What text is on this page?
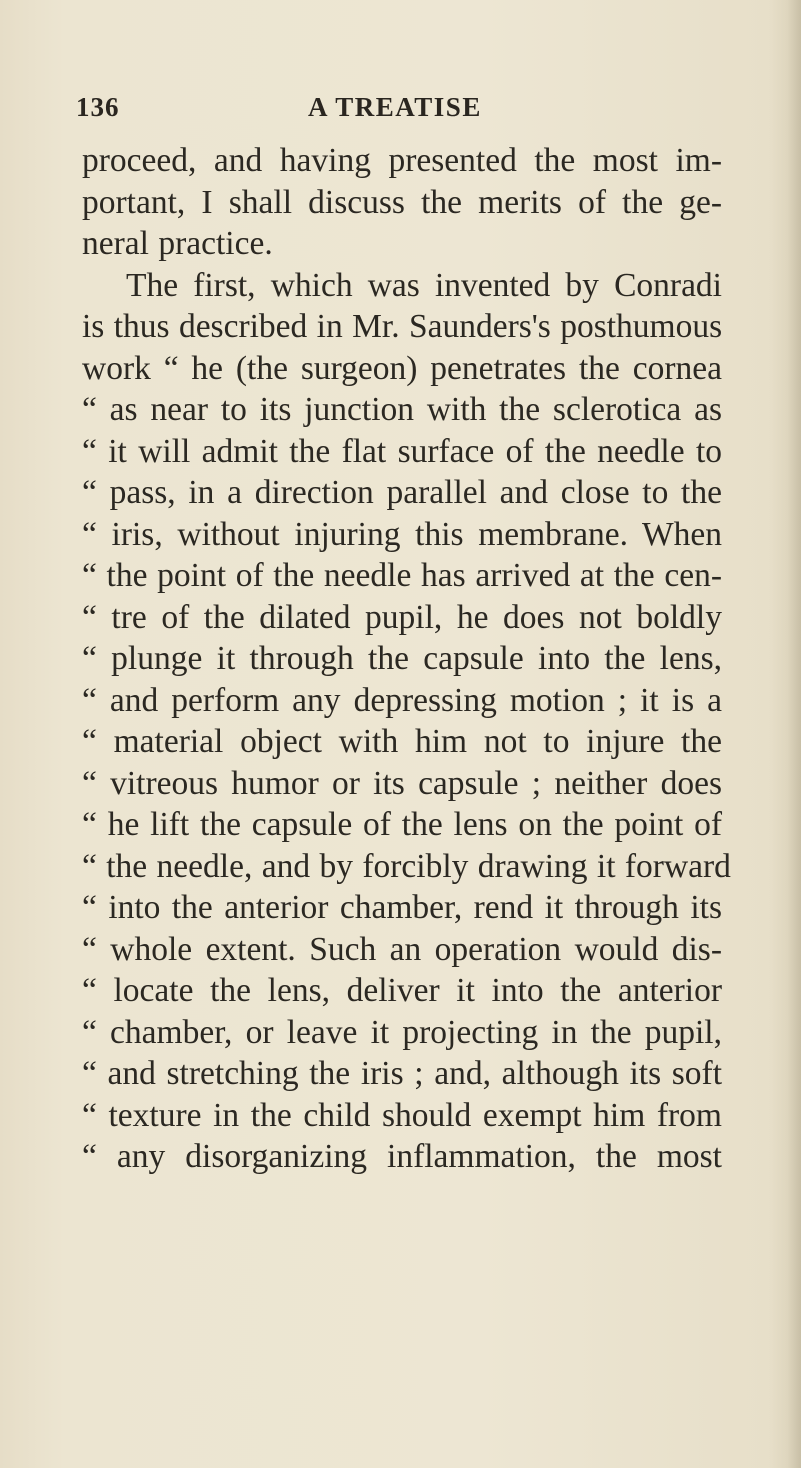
136	A TREATISE
proceed, and having presented the most im-
portant, I shall discuss the merits of the ge-
neral practice.
The first, which was invented by Conradi
is thus described in Mr. Saunders's posthumous
work “ he (the surgeon) penetrates the cornea
“ as near to its junction with the sclerotica as
“ it will admit the flat surface of the needle to
“ pass, in a direction parallel and close to the
“ iris, without injuring this membrane. When
“ the point of the needle has arrived at the cen-
“ tre of the dilated pupil, he does not boldly
“ plunge it through the capsule into the lens,
“ and perform any depressing motion ; it is a
“ material object with him not to injure the
“ vitreous humor or its capsule ; neither does
“ he lift the capsule of the lens on the point of
“ the needle, and by forcibly drawing it forward
“ into the anterior chamber, rend it through its
“ whole extent. Such an operation would dis-
“ locate the lens, deliver it into the anterior
“ chamber, or leave it projecting in the pupil,
“ and stretching the iris ; and, although its soft
“ texture in the child should exempt him from
“ any disorganizing inflammation, the most
